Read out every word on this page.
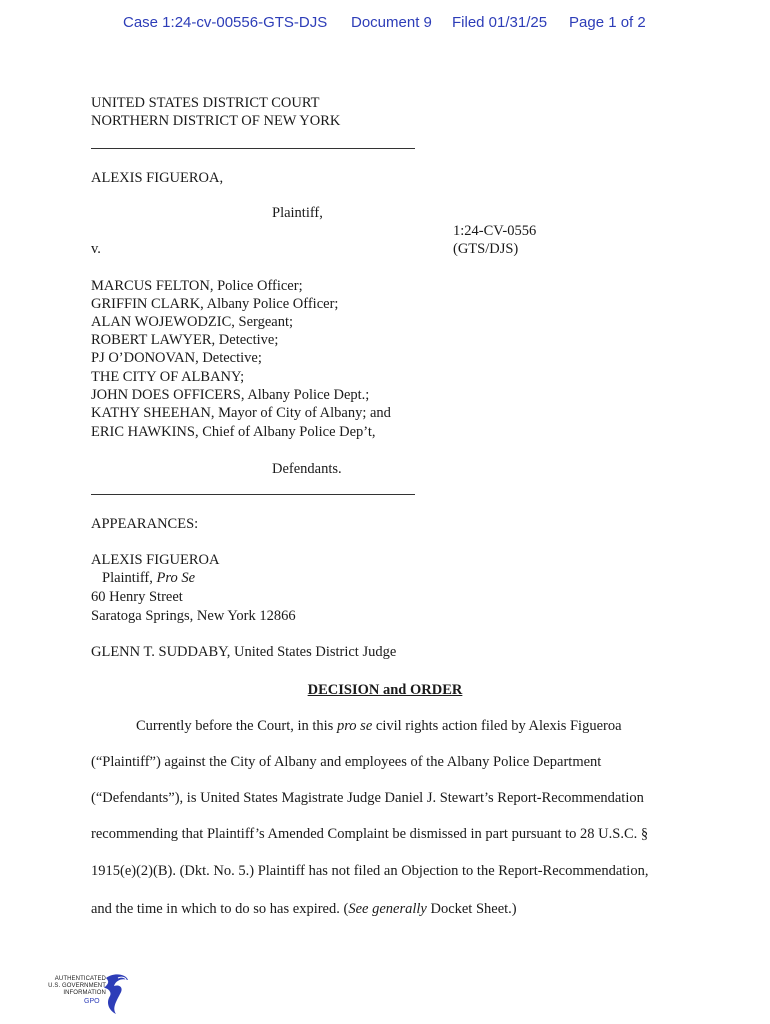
Case 1:24-cv-00556-GTS-DJS Document 9 Filed 01/31/25 Page 1 of 2
UNITED STATES DISTRICT COURT
NORTHERN DISTRICT OF NEW YORK
ALEXIS FIGUEROA,
Plaintiff,
1:24-CV-0556
(GTS/DJS)
v.
MARCUS FELTON, Police Officer;
GRIFFIN CLARK, Albany Police Officer;
ALAN WOJEWODZIC, Sergeant;
ROBERT LAWYER, Detective;
PJ O’DONOVAN, Detective;
THE CITY OF ALBANY;
JOHN DOES OFFICERS, Albany Police Dept.;
KATHY SHEEHAN, Mayor of City of Albany; and
ERIC HAWKINS, Chief of Albany Police Dep’t,
Defendants.
APPEARANCES:
ALEXIS FIGUEROA
Plaintiff, Pro Se
60 Henry Street
Saratoga Springs, New York 12866
GLENN T. SUDDABY, United States District Judge
DECISION and ORDER
Currently before the Court, in this pro se civil rights action filed by Alexis Figueroa
(“Plaintiff”) against the City of Albany and employees of the Albany Police Department
(“Defendants”), is United States Magistrate Judge Daniel J. Stewart’s Report-Recommendation
recommending that Plaintiff’s Amended Complaint be dismissed in part pursuant to 28 U.S.C. §
1915(e)(2)(B). (Dkt. No. 5.) Plaintiff has not filed an Objection to the Report-Recommendation,
and the time in which to do so has expired. (See generally Docket Sheet.)
AUTHENTICATED
U.S. GOVERNMENT
INFORMATION
GPO
